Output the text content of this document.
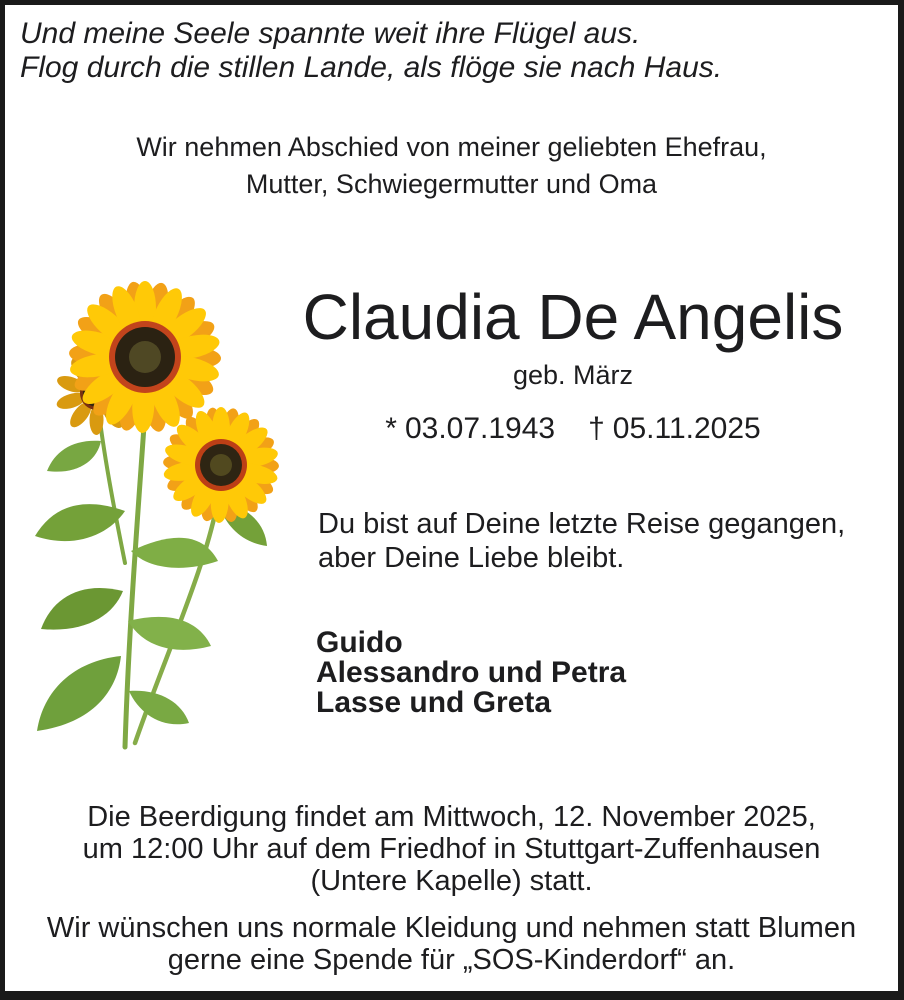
Und meine Seele spannte weit ihre Flügel aus.
Flog durch die stillen Lande, als flöge sie nach Haus.
Wir nehmen Abschied von meiner geliebten Ehefrau,
Mutter, Schwiegermutter und Oma
Claudia De Angelis
geb. März
* 03.07.1943 † 05.11.2025
Du bist auf Deine letzte Reise gegangen,
aber Deine Liebe bleibt.
Guido
Alessandro und Petra
Lasse und Greta
Die Beerdigung findet am Mittwoch, 12. November 2025,
um 12:00 Uhr auf dem Friedhof in Stuttgart-Zuffenhausen
(Untere Kapelle) statt.
Wir wünschen uns normale Kleidung und nehmen statt Blumen
gerne eine Spende für „SOS-Kinderdorf“ an.
